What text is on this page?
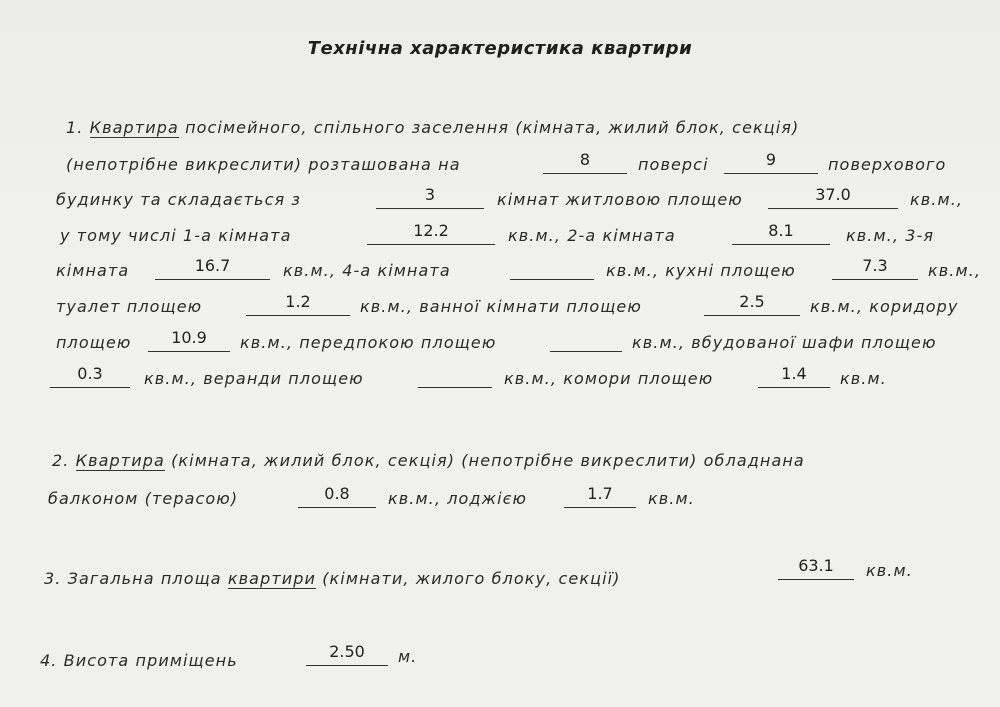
Технічна характеристика квартири
1. Квартира посімейного, спільного заселення (кімната, жилий блок, секція)
(непотрібне викреслити) розташована на	8	поверсі	9	поверхового
будинку та складається з	3	кімнат житловою площею	37.0	кв.м.,
у тому числі 1-а кімната	12.2	кв.м., 2-а кімната	8.1	кв.м., 3-я
кімната	16.7	кв.м., 4-а кімната	кв.м., кухні площею	7.3	кв.м.,
туалет площею	1.2	кв.м., ванної кімнати площею	2.5	кв.м., коридору
площею	10.9	кв.м., передпокою площею	кв.м., вбудованої шафи площею
0.3	кв.м., веранди площею	кв.м., комори площею	1.4	кв.м.
2. Квартира (кімната, жилий блок, секція) (непотрібне викреслити) обладнана
балконом (терасою)	0.8	кв.м., лоджією	1.7	кв.м.
3. Загальна площа квартири (кімнати, жилого блоку, секції)
63.1	кв.м.
4. Висота приміщень	2.50	м.
